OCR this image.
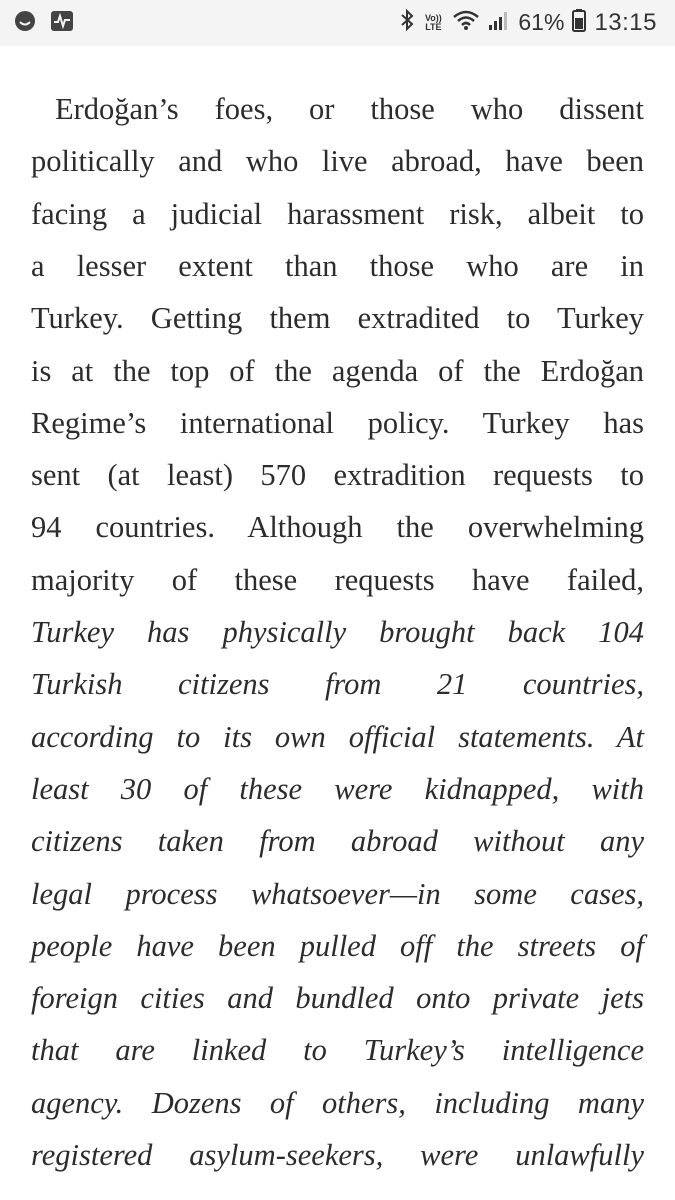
Vo))
LTE	61% 13:15
Erdoğan’s foes, or those who dissent
politically and who live abroad, have been
facing a judicial harassment risk, albeit to
a lesser extent than those who are in
Turkey. Getting them extradited to Turkey
is at the top of the agenda of the Erdoğan
Regime’s international policy. Turkey has
sent (at least) 570 extradition requests to
94 countries. Although the overwhelming
majority of these requests have failed,
Turkey has physically brought back 104
Turkish citizens from 21 countries,
according to its own official statements. At
least 30 of these were kidnapped, with
citizens taken from abroad without any
legal process whatsoever—in some cases,
people have been pulled off the streets of
foreign cities and bundled onto private jets
that are linked to Turkey’s intelligence
agency. Dozens of others, including many
registered asylum-seekers, were unlawfully
